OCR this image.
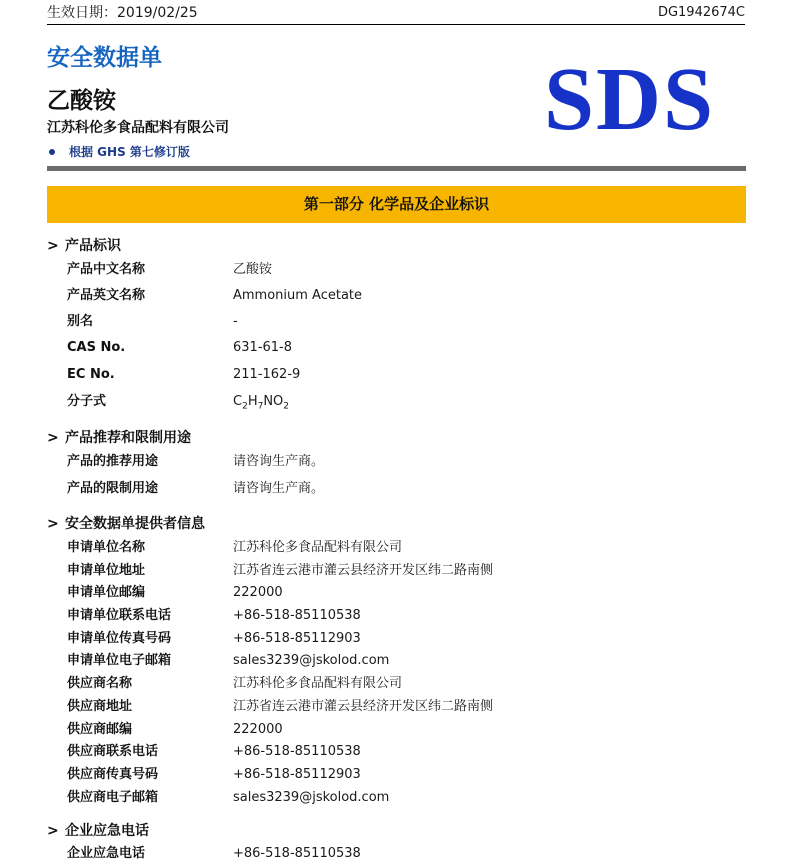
生效日期：2019/02/25	DG1942674C
安全数据单	SDS
乙酸铵
江苏科伦多食品配料有限公司
根据 GHS 第七修订版
第一部分 化学品及企业标识
> 产品标识
产品中文名称	乙酸铵
产品英文名称	Ammonium Acetate
别名	-
CAS No.	631-61-8
EC No.	211-162-9
分子式	$C_2H_7NO_2$
> 产品推荐和限制用途
产品的推荐用途	请咨询生产商。
产品的限制用途	请咨询生产商。
> 安全数据单提供者信息
申请单位名称	江苏科伦多食品配料有限公司
申请单位地址	江苏省连云港市灌云县经济开发区纬二路南侧
申请单位邮编	222000
申请单位联系电话	+86-518-85110538
申请单位传真号码	+86-518-85112903
申请单位电子邮箱	sales3239@jskolod.com
供应商名称	江苏科伦多食品配料有限公司
供应商地址	江苏省连云港市灌云县经济开发区纬二路南侧
供应商邮编	222000
供应商联系电话	+86-518-85110538
供应商传真号码	+86-518-85112903
供应商电子邮箱	sales3239@jskolod.com
> 企业应急电话
企业应急电话	+86-518-85110538
